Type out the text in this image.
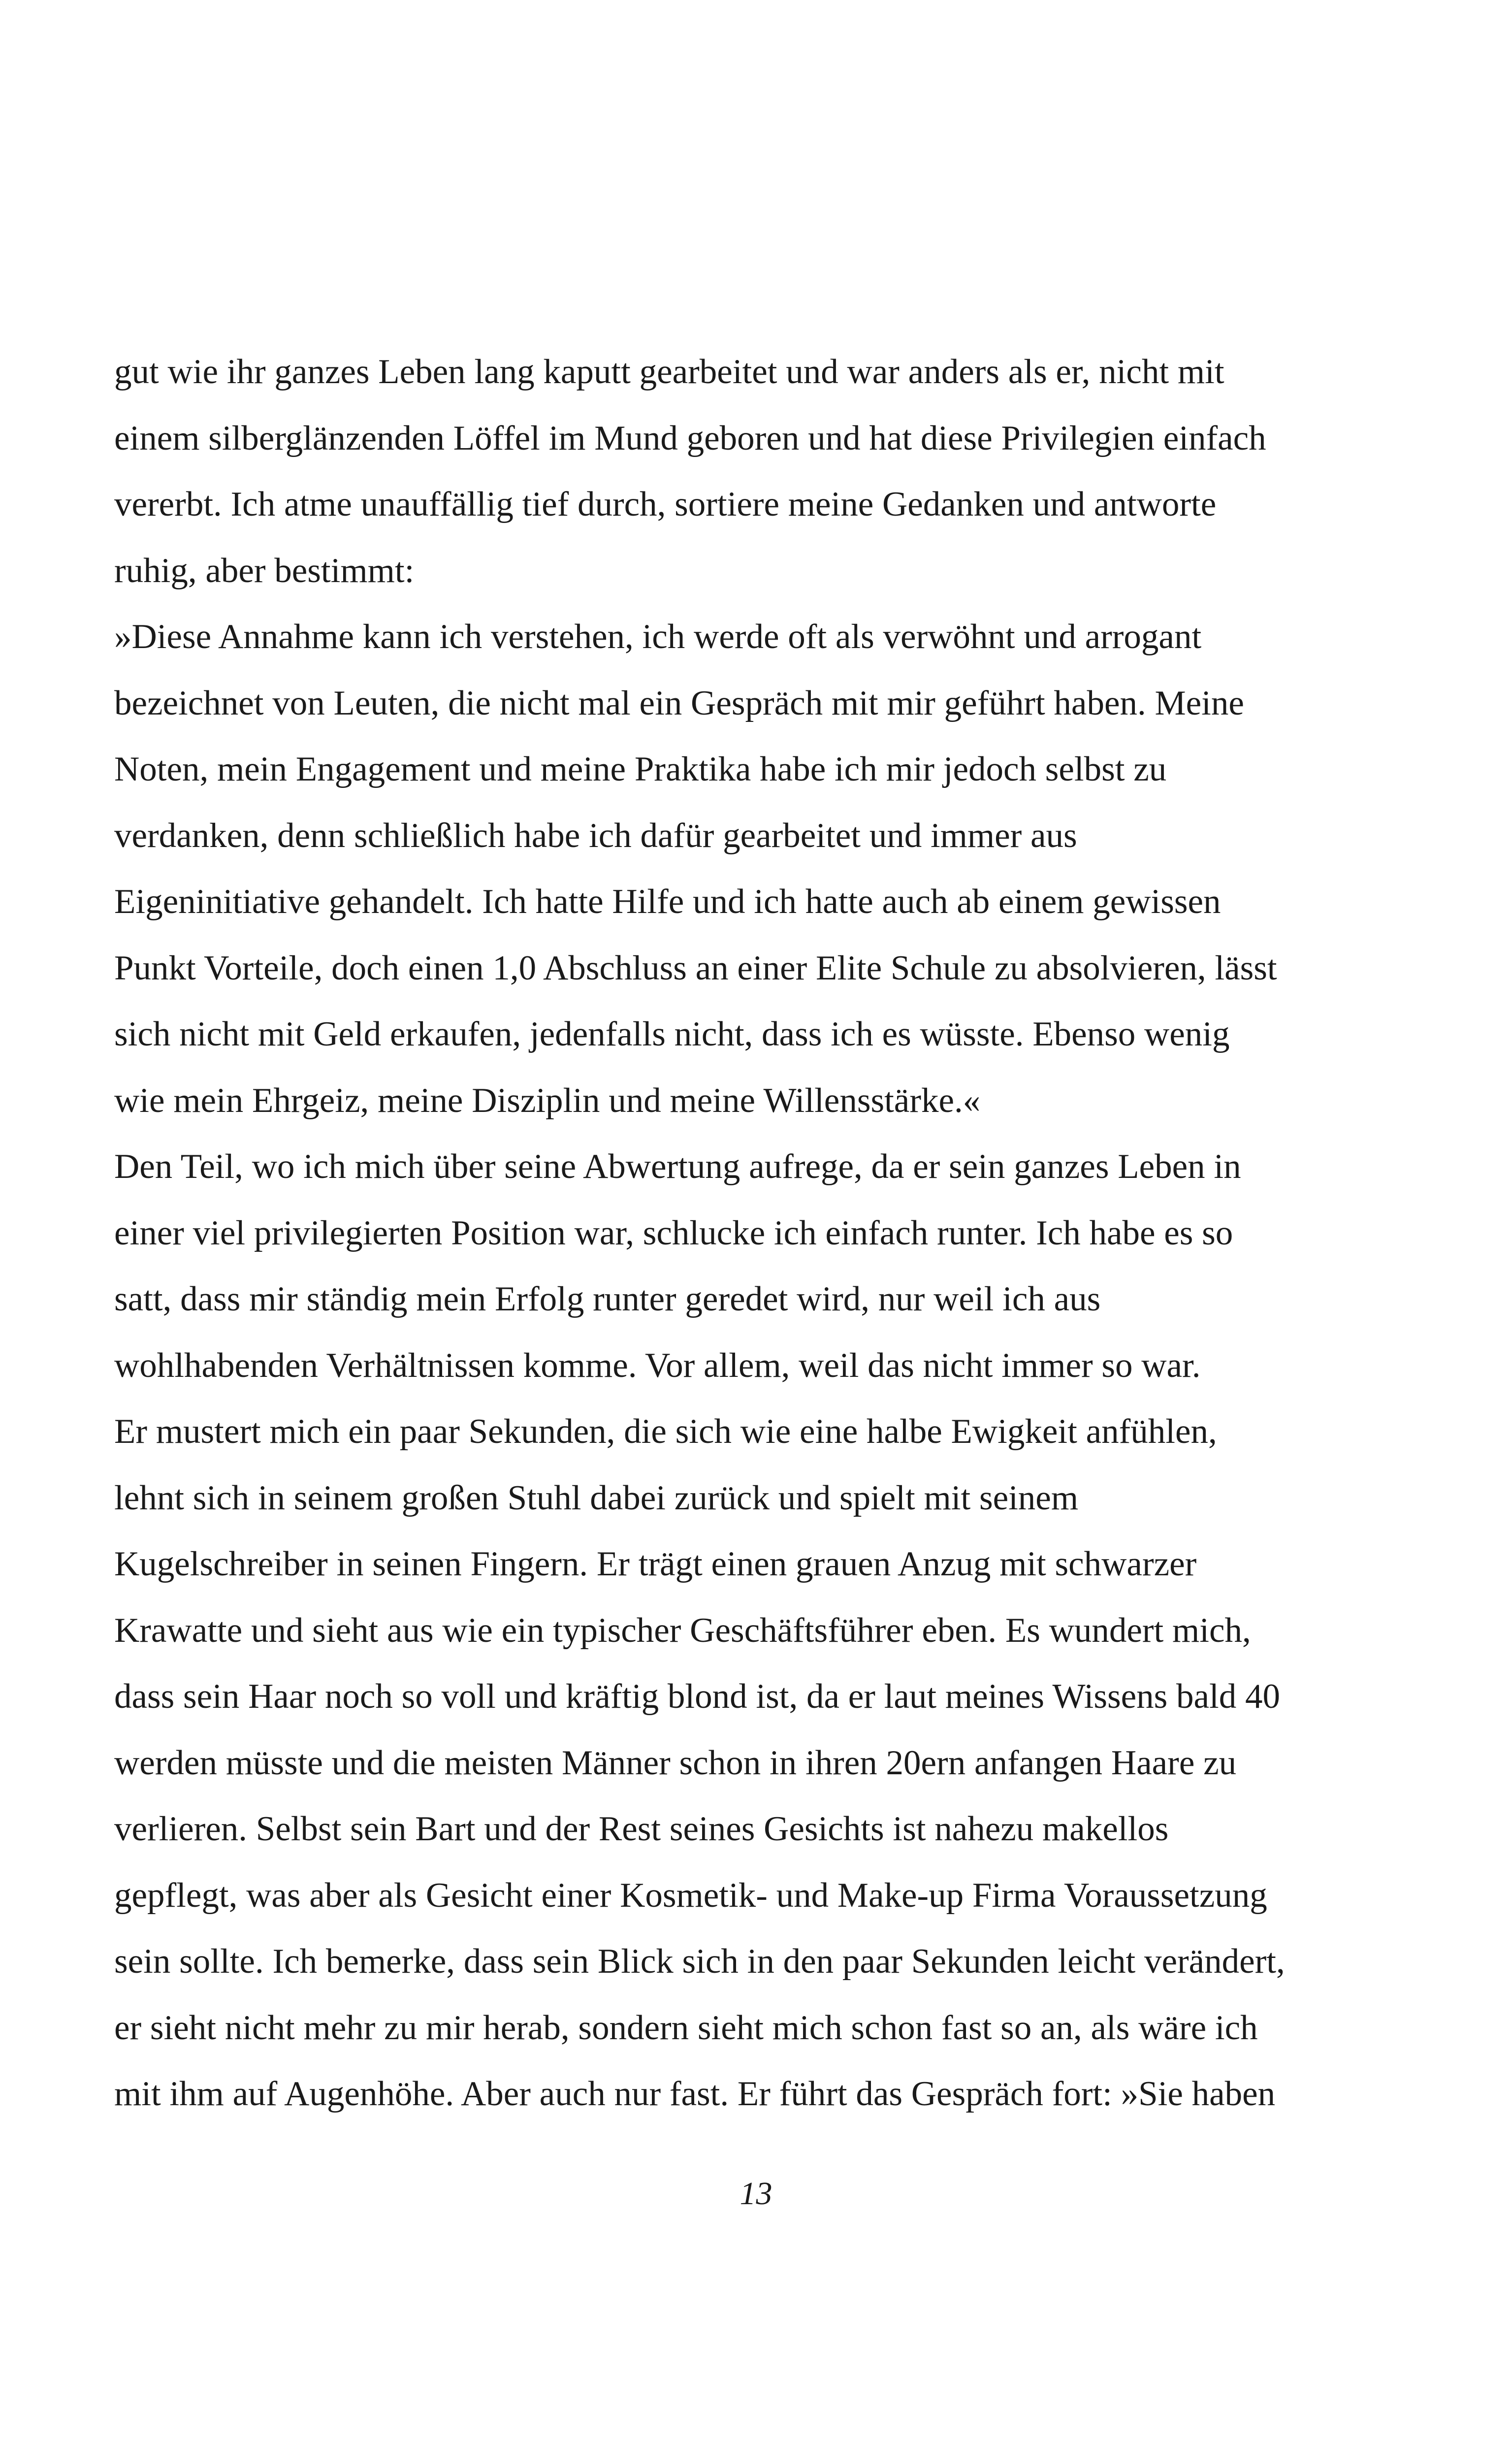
gut wie ihr ganzes Leben lang kaputt gearbeitet und war anders als er, nicht mit
einem silberglänzenden Löffel im Mund geboren und hat diese Privilegien einfach
vererbt. Ich atme unauffällig tief durch, sortiere meine Gedanken und antworte
ruhig, aber bestimmt:
»Diese Annahme kann ich verstehen, ich werde oft als verwöhnt und arrogant
bezeichnet von Leuten, die nicht mal ein Gespräch mit mir geführt haben. Meine
Noten, mein Engagement und meine Praktika habe ich mir jedoch selbst zu
verdanken, denn schließlich habe ich dafür gearbeitet und immer aus
Eigeninitiative gehandelt. Ich hatte Hilfe und ich hatte auch ab einem gewissen
Punkt Vorteile, doch einen 1,0 Abschluss an einer Elite Schule zu absolvieren, lässt
sich nicht mit Geld erkaufen, jedenfalls nicht, dass ich es wüsste. Ebenso wenig
wie mein Ehrgeiz, meine Disziplin und meine Willensstärke.«
Den Teil, wo ich mich über seine Abwertung aufrege, da er sein ganzes Leben in
einer viel privilegierten Position war, schlucke ich einfach runter. Ich habe es so
satt, dass mir ständig mein Erfolg runter geredet wird, nur weil ich aus
wohlhabenden Verhältnissen komme. Vor allem, weil das nicht immer so war.
Er mustert mich ein paar Sekunden, die sich wie eine halbe Ewigkeit anfühlen,
lehnt sich in seinem großen Stuhl dabei zurück und spielt mit seinem
Kugelschreiber in seinen Fingern. Er trägt einen grauen Anzug mit schwarzer
Krawatte und sieht aus wie ein typischer Geschäftsführer eben. Es wundert mich,
dass sein Haar noch so voll und kräftig blond ist, da er laut meines Wissens bald 40
werden müsste und die meisten Männer schon in ihren 20ern anfangen Haare zu
verlieren. Selbst sein Bart und der Rest seines Gesichts ist nahezu makellos
gepflegt, was aber als Gesicht einer Kosmetik- und Make-up Firma Voraussetzung
sein sollte. Ich bemerke, dass sein Blick sich in den paar Sekunden leicht verändert,
er sieht nicht mehr zu mir herab, sondern sieht mich schon fast so an, als wäre ich
mit ihm auf Augenhöhe. Aber auch nur fast. Er führt das Gespräch fort: »Sie haben
13
